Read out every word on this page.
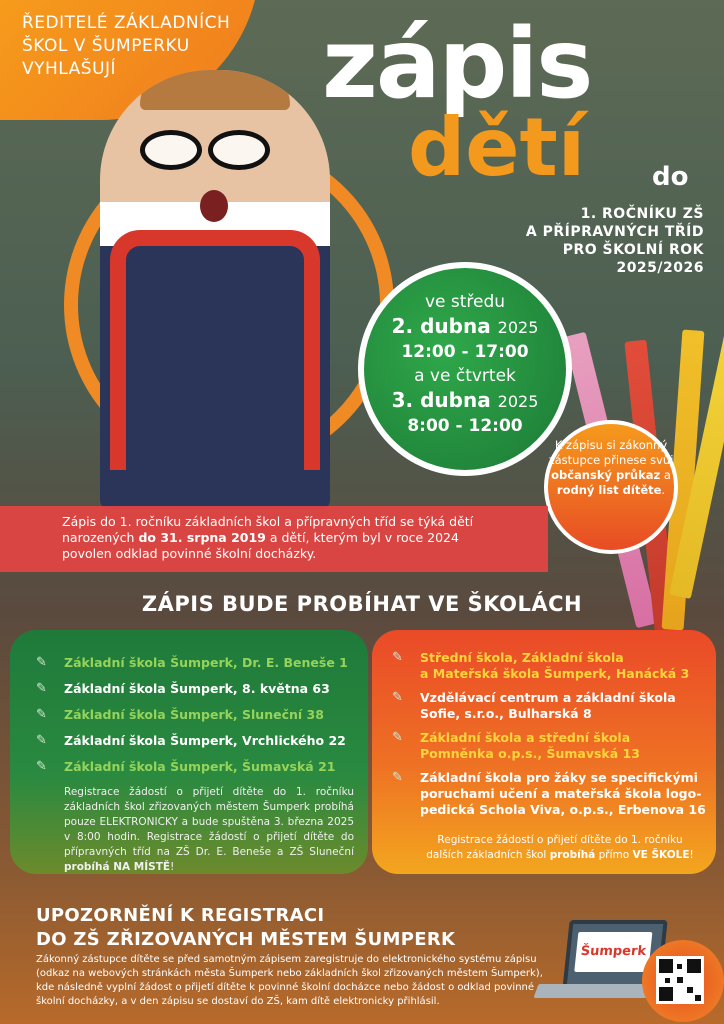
ŘEDITELÉ ZÁKLADNÍCH
ŠKOL V ŠUMPERKU
VYHLAŠUJÍ	zápis
dětí	do
1. ROČNÍKU ZŠ
A PŘÍPRAVNÝCH TŘÍD
PRO ŠKOLNÍ ROK
2025/2026
ve středu
2. dubna 2025
12:00 - 17:00
a ve čtvrtek
3. dubna 2025
8:00 - 12:00
K zápisu si zákonný zástupce přinese svůj občanský průkaz a rodný list dítěte.
Zápis do 1. ročníku základních škol a přípravných tříd se týká dětí narozených do 31. srpna 2019 a dětí, kterým byl v roce 2024 povolen odklad povinné školní docházky.
ZÁPIS BUDE PROBÍHAT VE ŠKOLÁCH
✎ Základní škola Šumperk, Dr. E. Beneše 1
✎ Základní škola Šumperk, 8. května 63
✎ Základní škola Šumperk, Sluneční 38
✎ Základní škola Šumperk, Vrchlického 22
✎ Základní škola Šumperk, Šumavská 21
Registrace žádostí o přijetí dítěte do 1. ročníku základních škol zřizovaných městem Šumperk probíhá pouze ELEKTRONICKY a bude spuštěna 3. března 2025 v 8:00 hodin. Registrace žádostí o přijetí dítěte do přípravných tříd na ZŠ Dr. E. Beneše a ZŠ Sluneční probíhá NA MÍSTĚ!
✎ Střední škola, Základní škola
a Mateřská škola Šumperk, Hanácká 3
✎ Vzdělávací centrum a základní škola
Sofie, s.r.o., Bulharská 8
✎ Základní škola a střední škola
Pomněnka o.p.s., Šumavská 13
✎ Základní škola pro žáky se specifickými
poruchami učení a mateřská škola logo-
pedická Schola Viva, o.p.s., Erbenova 16
Registrace žádostí o přijetí dítěte do 1. ročníku dalších základních škol probíhá přímo VE ŠKOLE!
UPOZORNĚNÍ K REGISTRACI
DO ZŠ ZŘIZOVANÝCH MĚSTEM ŠUMPERK
Zákonný zástupce dítěte se před samotným zápisem zaregistruje do elektronického systému zápisu (odkaz na webových stránkách města Šumperk nebo základních škol zřizovaných městem Šumperk), kde následně vyplní žádost o přijetí dítěte k povinné školní docházce nebo žádost o odklad povinné školní docházky, a v den zápisu se dostaví do ZŠ, kam dítě elektronicky přihlásil.
Šumperk
